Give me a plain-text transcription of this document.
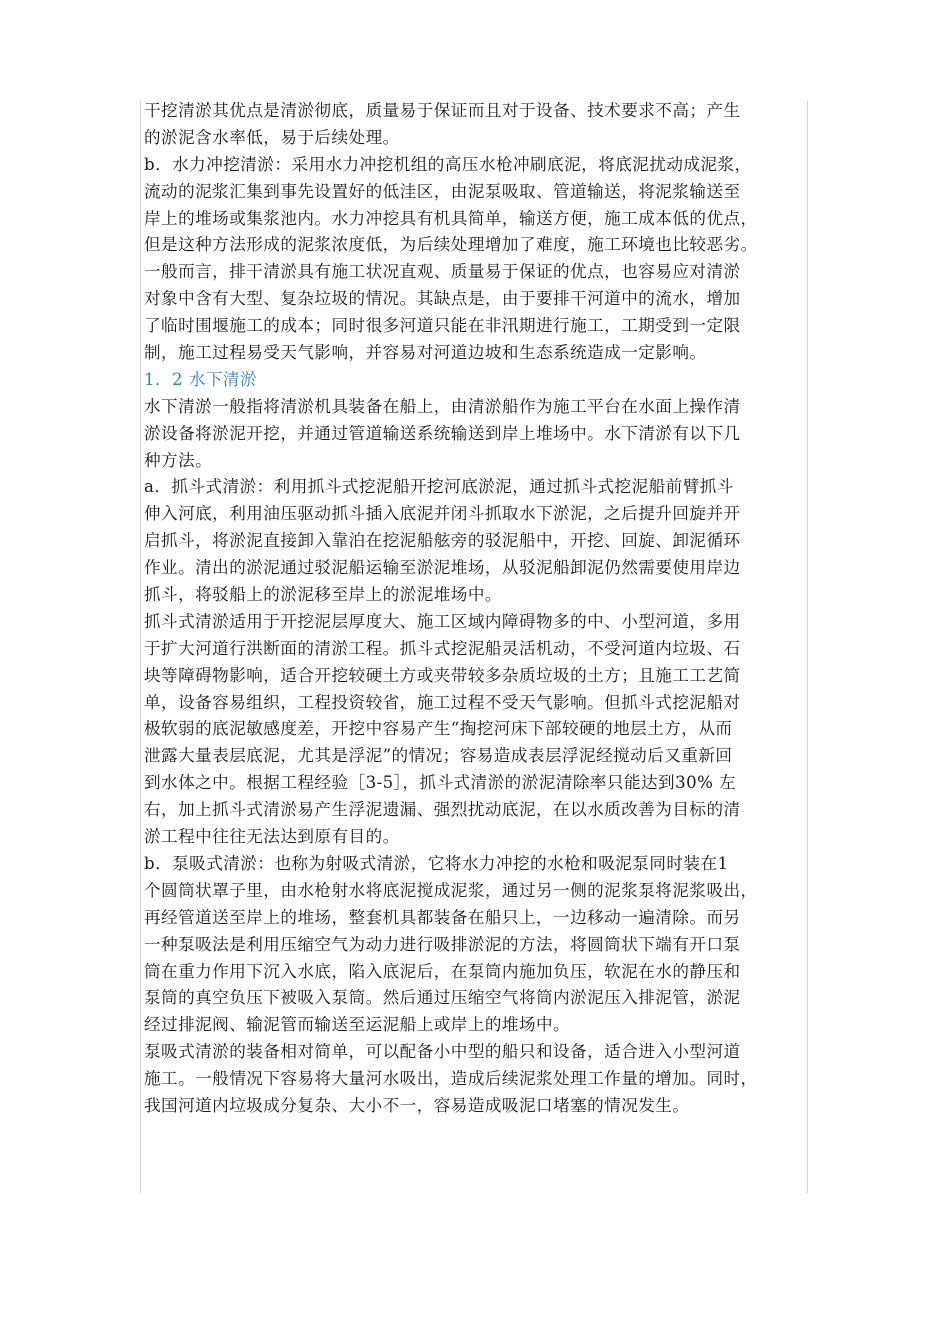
干挖清淤其优点是清淤彻底，质量易于保证而且对于设备、技术要求不高；产生
的淤泥含水率低，易于后续处理。
b．水力冲挖清淤：采用水力冲挖机组的高压水枪冲刷底泥，将底泥扰动成泥浆，
流动的泥浆汇集到事先设置好的低洼区，由泥泵吸取、管道输送，将泥浆输送至
岸上的堆场或集浆池内。水力冲挖具有机具简单，输送方便，施工成本低的优点，
但是这种方法形成的泥浆浓度低，为后续处理增加了难度，施工环境也比较恶劣。
一般而言，排干清淤具有施工状况直观、质量易于保证的优点，也容易应对清淤
对象中含有大型、复杂垃圾的情况。其缺点是，由于要排干河道中的流水，增加
了临时围堰施工的成本；同时很多河道只能在非汛期进行施工，工期受到一定限
制，施工过程易受天气影响，并容易对河道边坡和生态系统造成一定影响。
1．2 水下清淤
水下清淤一般指将清淤机具装备在船上，由清淤船作为施工平台在水面上操作清
淤设备将淤泥开挖，并通过管道输送系统输送到岸上堆场中。水下清淤有以下几
种方法。
a．抓斗式清淤：利用抓斗式挖泥船开挖河底淤泥，通过抓斗式挖泥船前臂抓斗
伸入河底，利用油压驱动抓斗插入底泥并闭斗抓取水下淤泥，之后提升回旋并开
启抓斗，将淤泥直接卸入靠泊在挖泥船舷旁的驳泥船中，开挖、回旋、卸泥循环
作业。清出的淤泥通过驳泥船运输至淤泥堆场，从驳泥船卸泥仍然需要使用岸边
抓斗，将驳船上的淤泥移至岸上的淤泥堆场中。
抓斗式清淤适用于开挖泥层厚度大、施工区域内障碍物多的中、小型河道，多用
于扩大河道行洪断面的清淤工程。抓斗式挖泥船灵活机动，不受河道内垃圾、石
块等障碍物影响，适合开挖较硬土方或夹带较多杂质垃圾的土方；且施工工艺简
单，设备容易组织，工程投资较省，施工过程不受天气影响。但抓斗式挖泥船对
极软弱的底泥敏感度差，开挖中容易产生“掏挖河床下部较硬的地层土方，从而
泄露大量表层底泥，尤其是浮泥”的情况；容易造成表层浮泥经搅动后又重新回
到水体之中。根据工程经验［3-5］，抓斗式清淤的淤泥清除率只能达到30% 左
右，加上抓斗式清淤易产生浮泥遗漏、强烈扰动底泥，在以水质改善为目标的清
淤工程中往往无法达到原有目的。
b．泵吸式清淤：也称为射吸式清淤，它将水力冲挖的水枪和吸泥泵同时装在1
个圆筒状罩子里，由水枪射水将底泥搅成泥浆，通过另一侧的泥浆泵将泥浆吸出，
再经管道送至岸上的堆场，整套机具都装备在船只上，一边移动一遍清除。而另
一种泵吸法是利用压缩空气为动力进行吸排淤泥的方法，将圆筒状下端有开口泵
筒在重力作用下沉入水底，陷入底泥后，在泵筒内施加负压，软泥在水的静压和
泵筒的真空负压下被吸入泵筒。然后通过压缩空气将筒内淤泥压入排泥管，淤泥
经过排泥阀、输泥管而输送至运泥船上或岸上的堆场中。
泵吸式清淤的装备相对简单，可以配备小中型的船只和设备，适合进入小型河道
施工。一般情况下容易将大量河水吸出，造成后续泥浆处理工作量的增加。同时，
我国河道内垃圾成分复杂、大小不一，容易造成吸泥口堵塞的情况发生。
